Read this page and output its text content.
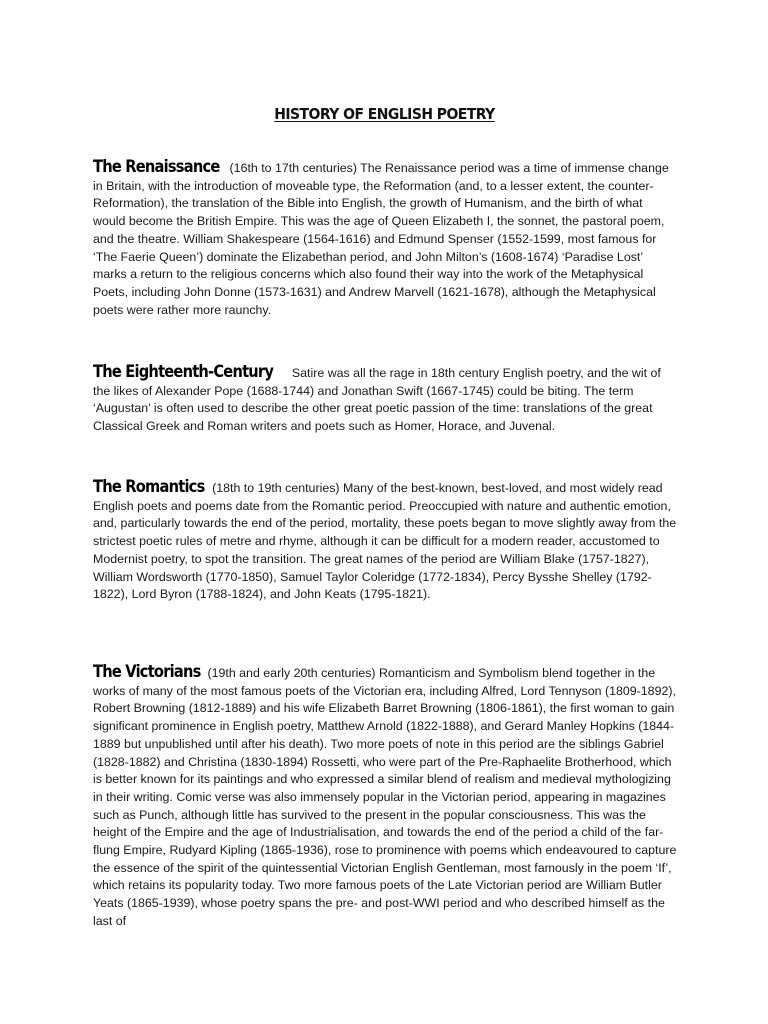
HISTORY OF ENGLISH POETRY

The Renaissance (16th to 17th centuries) The Renaissance period was a time of immense change in Britain, with the introduction of moveable type, the Reformation (and, to a lesser extent, the counter-Reformation), the translation of the Bible into English, the growth of Humanism, and the birth of what would become the British Empire. This was the age of Queen Elizabeth I, the sonnet, the pastoral poem, and the theatre. William Shakespeare (1564-1616) and Edmund Spenser (1552-1599, most famous for ‘The Faerie Queen’) dominate the Elizabethan period, and John Milton’s (1608-1674) ‘Paradise Lost’ marks a return to the religious concerns which also found their way into the work of the Metaphysical Poets, including John Donne (1573-1631) and Andrew Marvell (1621-1678), although the Metaphysical poets were rather more raunchy.

The Eighteenth-Century Satire was all the rage in 18th century English poetry, and the wit of the likes of Alexander Pope (1688-1744) and Jonathan Swift (1667-1745) could be biting. The term ‘Augustan’ is often used to describe the other great poetic passion of the time: translations of the great Classical Greek and Roman writers and poets such as Homer, Horace, and Juvenal.

The Romantics (18th to 19th centuries) Many of the best-known, best-loved, and most widely read English poets and poems date from the Romantic period. Preoccupied with nature and authentic emotion, and, particularly towards the end of the period, mortality, these poets began to move slightly away from the strictest poetic rules of metre and rhyme, although it can be difficult for a modern reader, accustomed to Modernist poetry, to spot the transition. The great names of the period are William Blake (1757-1827), William Wordsworth (1770-1850), Samuel Taylor Coleridge (1772-1834), Percy Bysshe Shelley (1792-1822), Lord Byron (1788-1824), and John Keats (1795-1821).

The Victorians (19th and early 20th centuries) Romanticism and Symbolism blend together in the works of many of the most famous poets of the Victorian era, including Alfred, Lord Tennyson (1809-1892), Robert Browning (1812-1889) and his wife Elizabeth Barret Browning (1806-1861), the first woman to gain significant prominence in English poetry, Matthew Arnold (1822-1888), and Gerard Manley Hopkins (1844-1889 but unpublished until after his death). Two more poets of note in this period are the siblings Gabriel (1828-1882) and Christina (1830-1894) Rossetti, who were part of the Pre-Raphaelite Brotherhood, which is better known for its paintings and who expressed a similar blend of realism and medieval mythologizing in their writing. Comic verse was also immensely popular in the Victorian period, appearing in magazines such as Punch, although little has survived to the present in the popular consciousness. This was the height of the Empire and the age of Industrialisation, and towards the end of the period a child of the far-flung Empire, Rudyard Kipling (1865-1936), rose to prominence with poems which endeavoured to capture the essence of the spirit of the quintessential Victorian English Gentleman, most famously in the poem ‘If’, which retains its popularity today. Two more famous poets of the Late Victorian period are William Butler Yeats (1865-1939), whose poetry spans the pre- and post-WWI period and who described himself as the last of
